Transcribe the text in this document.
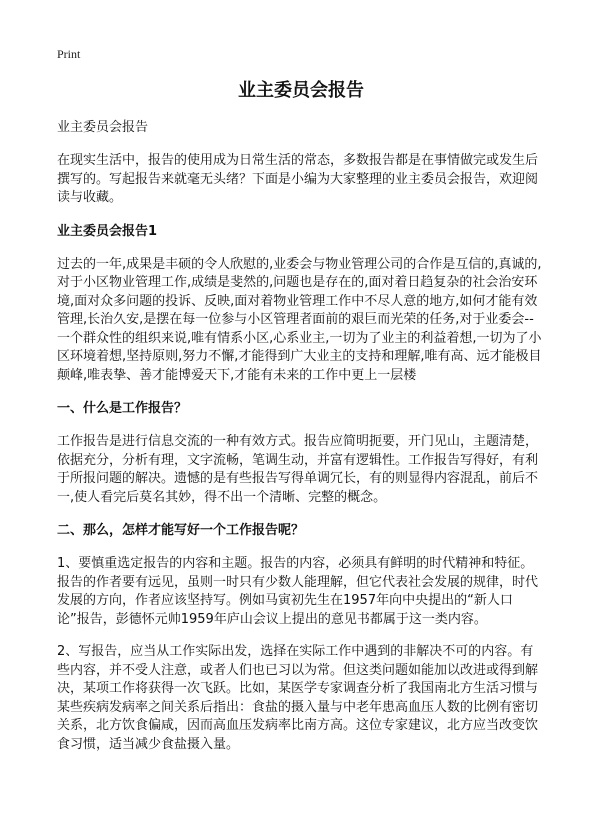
Print
业主委员会报告

业主委员会报告

在现实生活中，报告的使用成为日常生活的常态，多数报告都是在事情做完或发生后撰写的。写起报告来就毫无头绪？下面是小编为大家整理的业主委员会报告，欢迎阅读与收藏。

业主委员会报告1

过去的一年,成果是丰硕的令人欣慰的,业委会与物业管理公司的合作是互信的,真诚的,对于小区物业管理工作,成绩是斐然的,问题也是存在的,面对着日趋复杂的社会治安环境,面对众多问题的投诉、反映,面对着物业管理工作中不尽人意的地方,如何才能有效管理,长治久安,是摆在每一位参与小区管理者面前的艰巨而光荣的任务,对于业委会--一个群众性的组织来说,唯有情系小区,心系业主,一切为了业主的利益着想,一切为了小区环境着想,坚持原则,努力不懈,才能得到广大业主的支持和理解,唯有高、远才能极目颠峰,唯表挚、善才能博爱天下,才能有未来的工作中更上一层楼

一、什么是工作报告？

工作报告是进行信息交流的一种有效方式。报告应简明扼要，开门见山，主题清楚，依据充分，分析有理，文字流畅，笔调生动，并富有逻辑性。工作报告写得好，有利于所报问题的解决。遗憾的是有些报告写得单调冗长，有的则显得内容混乱，前后不一,使人看完后莫名其妙，得不出一个清晰、完整的概念。

二、那么，怎样才能写好一个工作报告呢？

1、要慎重选定报告的内容和主题。报告的内容，必须具有鲜明的时代精神和特征。报告的作者要有远见，虽则一时只有少数人能理解，但它代表社会发展的规律，时代发展的方向，作者应该坚持写。例如马寅初先生在1957年向中央提出的“新人口论”报告，彭德怀元帅1959年庐山会议上提出的意见书都属于这一类内容。

2、写报告，应当从工作实际出发，选择在实际工作中遇到的非解决不可的内容。有些内容，并不受人注意，或者人们也已习以为常。但这类问题如能加以改进或得到解决，某项工作将获得一次飞跃。比如，某医学专家调查分析了我国南北方生活习惯与某些疾病发病率之间关系后指出：食盐的摄入量与中老年患高血压人数的比例有密切关系，北方饮食偏咸，因而高血压发病率比南方高。这位专家建议，北方应当改变饮食习惯，适当减少食盐摄入量。
